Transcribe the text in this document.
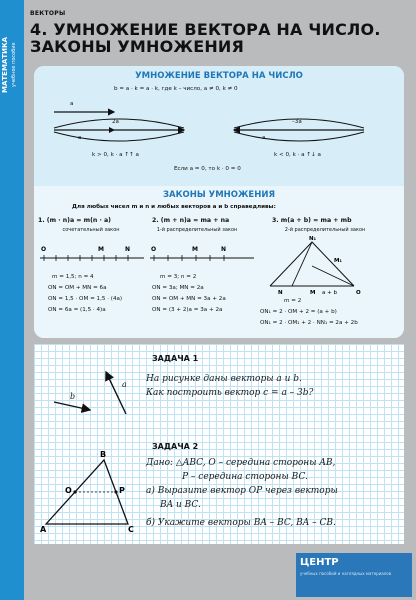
МАТЕМАТИКА учебное пособие
ВЕКТОРЫ
4. УМНОЖЕНИЕ ВЕКТОРА НА ЧИСЛО.
ЗАКОНЫ УМНОЖЕНИЯ
УМНОЖЕНИЕ ВЕКТОРА НА ЧИСЛО
b = a · k = a · k, где k – число, a ≠ 0, k ≠ 0
a
2a
a
k > 0, k · a ↑↑ a
–3a
a
k < 0, k · a ↑↓ a
Если a = 0, то k · 0 = 0
ЗАКОНЫ УМНОЖЕНИЯ
Для любых чисел m и n и любых векторов a и b справедливы:
1. (m · n)a = m(n · a)
сочетательный закон
2. (m + n)a = ma + na
1-й распределительный закон
3. m(a + b) = ma + mb
2-й распределительный закон
O	M	N	O	M	N
N₁
M₁
N	M	O
a + b
m = 1,5; n = 4
ON = OM + MN = 6a
ON = 1,5 · OM = 1,5 · (4a)
ON = 6a = (1,5 · 4)a
m = 3; n = 2
ON = 3a; MN = 2a
ON = OM + MN = 3a + 2a
ON = (3 + 2)a = 3a + 2a
m = 2
ON₁ = 2 · OM + 2 = (a + b)
ON₁ = 2 · OM₁ + 2 · NN₁ = 2a + 2b
A
B
C
O	P
a
b
ЗАДАЧА 1
На рисунке даны векторы a и b.
Как построить вектор c = a – 3b?
ЗАДАЧА 2
Дано: △ABC, O – середина стороны AB,
P – середина стороны BC.
а) Выразите вектор OP через векторы
BA и BC.
б) Укажите векторы BA – BC, BA – CB.
ЦЕНТР
учебных пособий и наглядных материалов
